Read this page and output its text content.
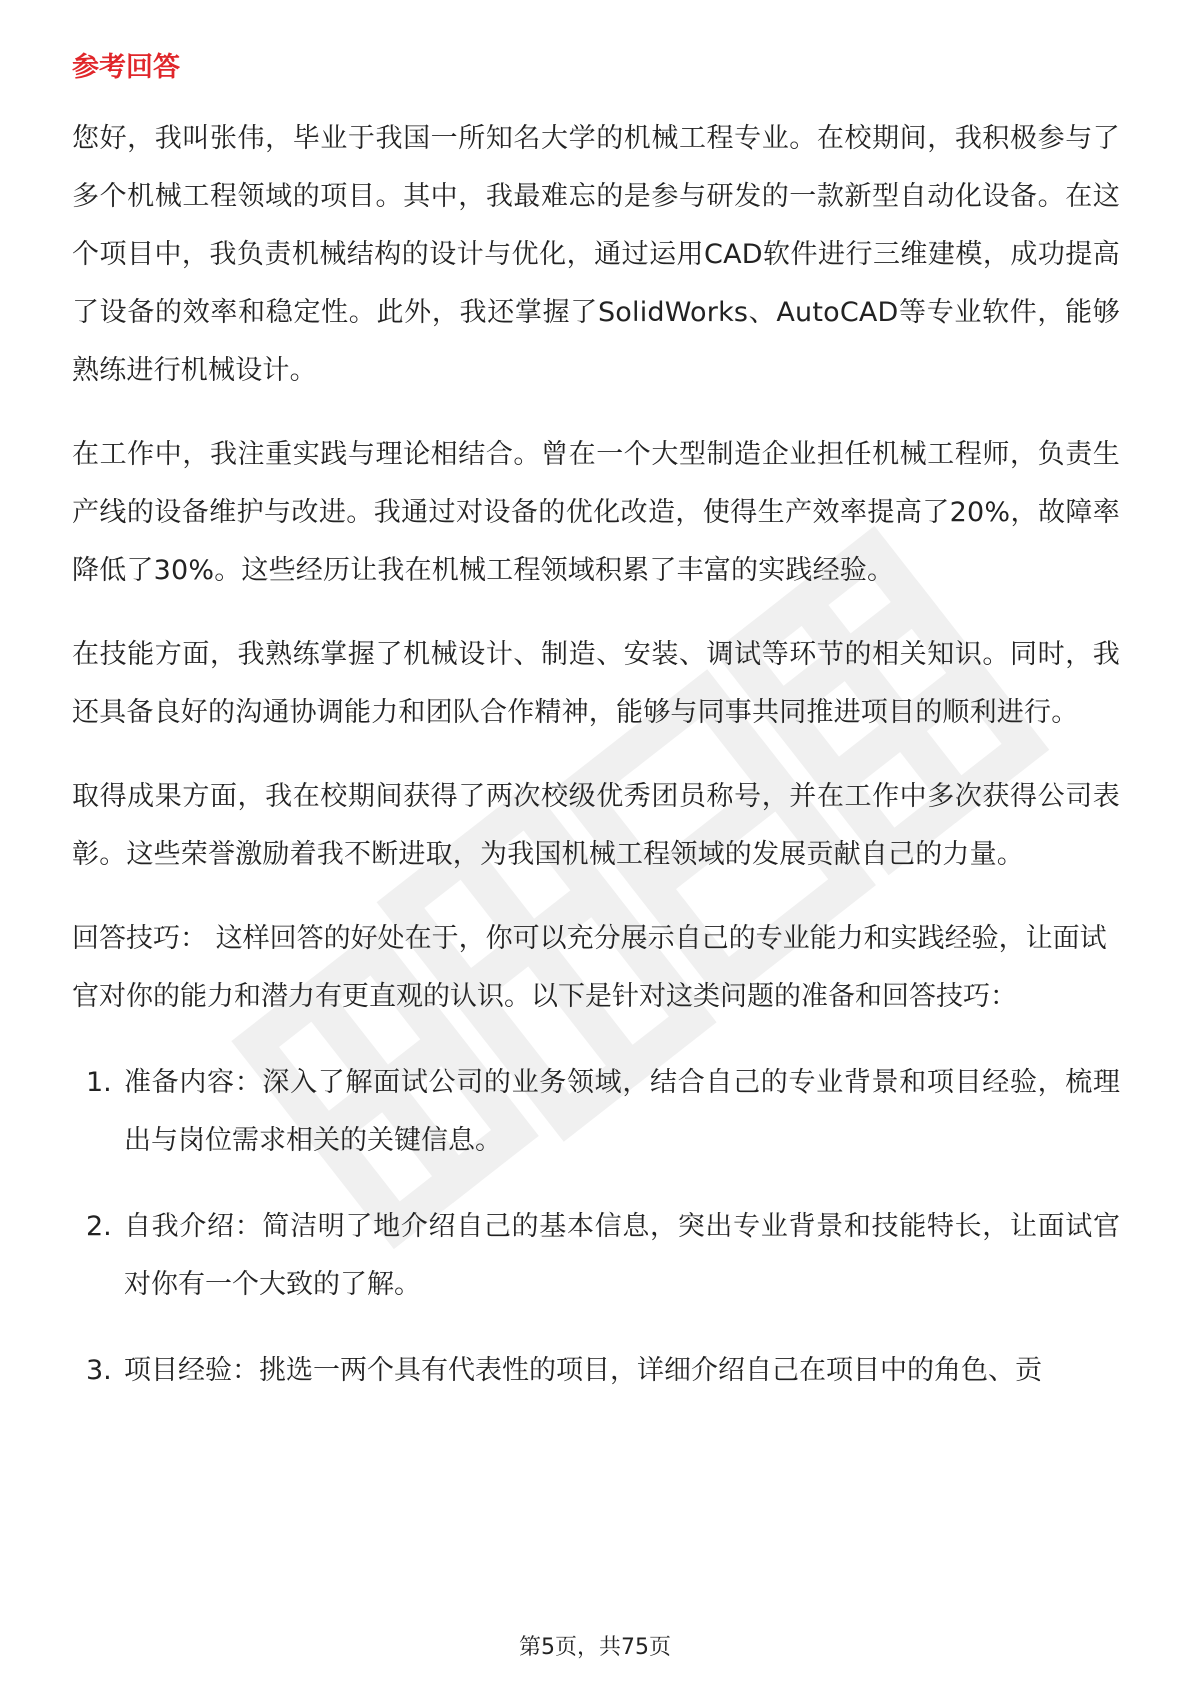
参考回答

您好，我叫张伟，毕业于我国一所知名大学的机械工程专业。在校期间，我积极参与了多个机械工程领域的项目。其中，我最难忘的是参与研发的一款新型自动化设备。在这个项目中，我负责机械结构的设计与优化，通过运用CAD软件进行三维建模，成功提高了设备的效率和稳定性。此外，我还掌握了SolidWorks、AutoCAD等专业软件，能够熟练进行机械设计。

在工作中，我注重实践与理论相结合。曾在一个大型制造企业担任机械工程师，负责生产线的设备维护与改进。我通过对设备的优化改造，使得生产效率提高了20%，故障率降低了30%。这些经历让我在机械工程领域积累了丰富的实践经验。

在技能方面，我熟练掌握了机械设计、制造、安装、调试等环节的相关知识。同时，我还具备良好的沟通协调能力和团队合作精神，能够与同事共同推进项目的顺利进行。

取得成果方面，我在校期间获得了两次校级优秀团员称号，并在工作中多次获得公司表彰。这些荣誉激励着我不断进取，为我国机械工程领域的发展贡献自己的力量。

回答技巧： 这样回答的好处在于，你可以充分展示自己的专业能力和实践经验，让面试官对你的能力和潜力有更直观的认识。以下是针对这类问题的准备和回答技巧：

1. 准备内容：深入了解面试公司的业务领域，结合自己的专业背景和项目经验，梳理出与岗位需求相关的关键信息。
2. 自我介绍：简洁明了地介绍自己的基本信息，突出专业背景和技能特长，让面试官对你有一个大致的了解。
3. 项目经验：挑选一两个具有代表性的项目，详细介绍自己在项目中的角色、贡
第5页，共75页
